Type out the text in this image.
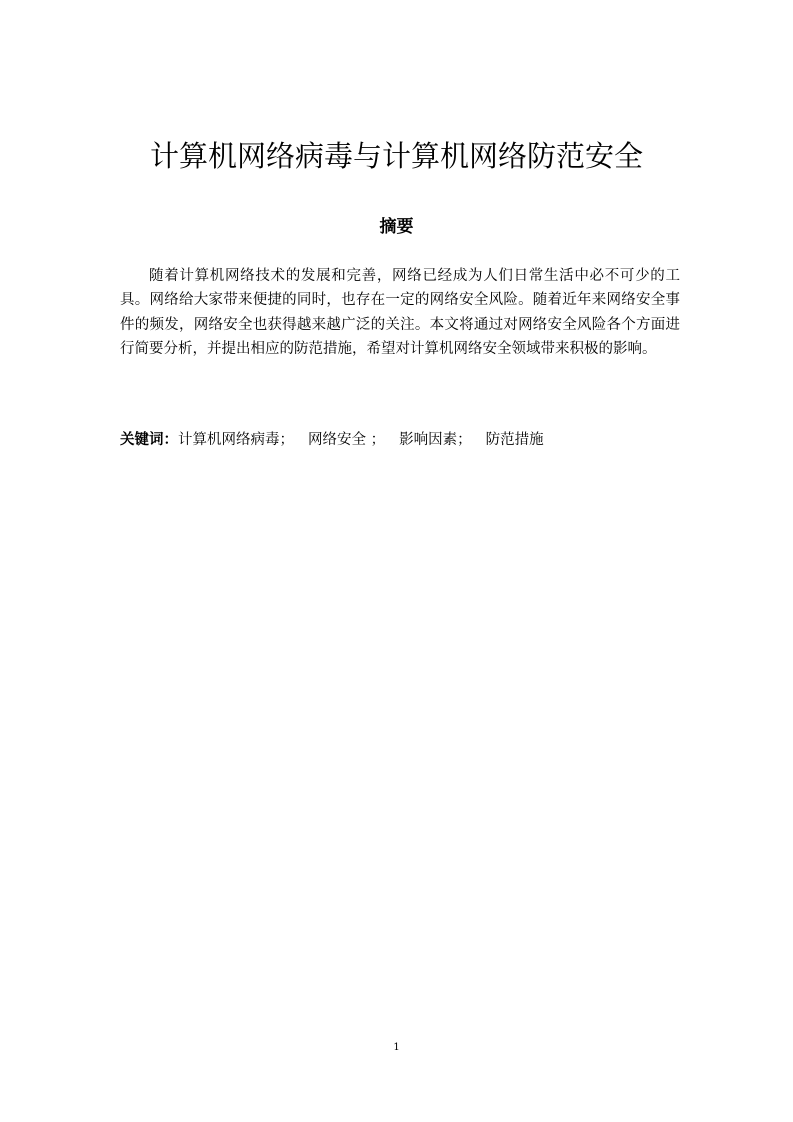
计算机网络病毒与计算机网络防范安全
摘要

随着计算机网络技术的发展和完善，网络已经成为人们日常生活中必不可少的工具。网络给大家带来便捷的同时，也存在一定的网络安全风险。随着近年来网络安全事件的频发，网络安全也获得越来越广泛的关注。本文将通过对网络安全风险各个方面进行简要分析，并提出相应的防范措施，希望对计算机网络安全领域带来积极的影响。

关键词：计算机网络病毒； 网络安全 ； 影响因素； 防范措施
1
